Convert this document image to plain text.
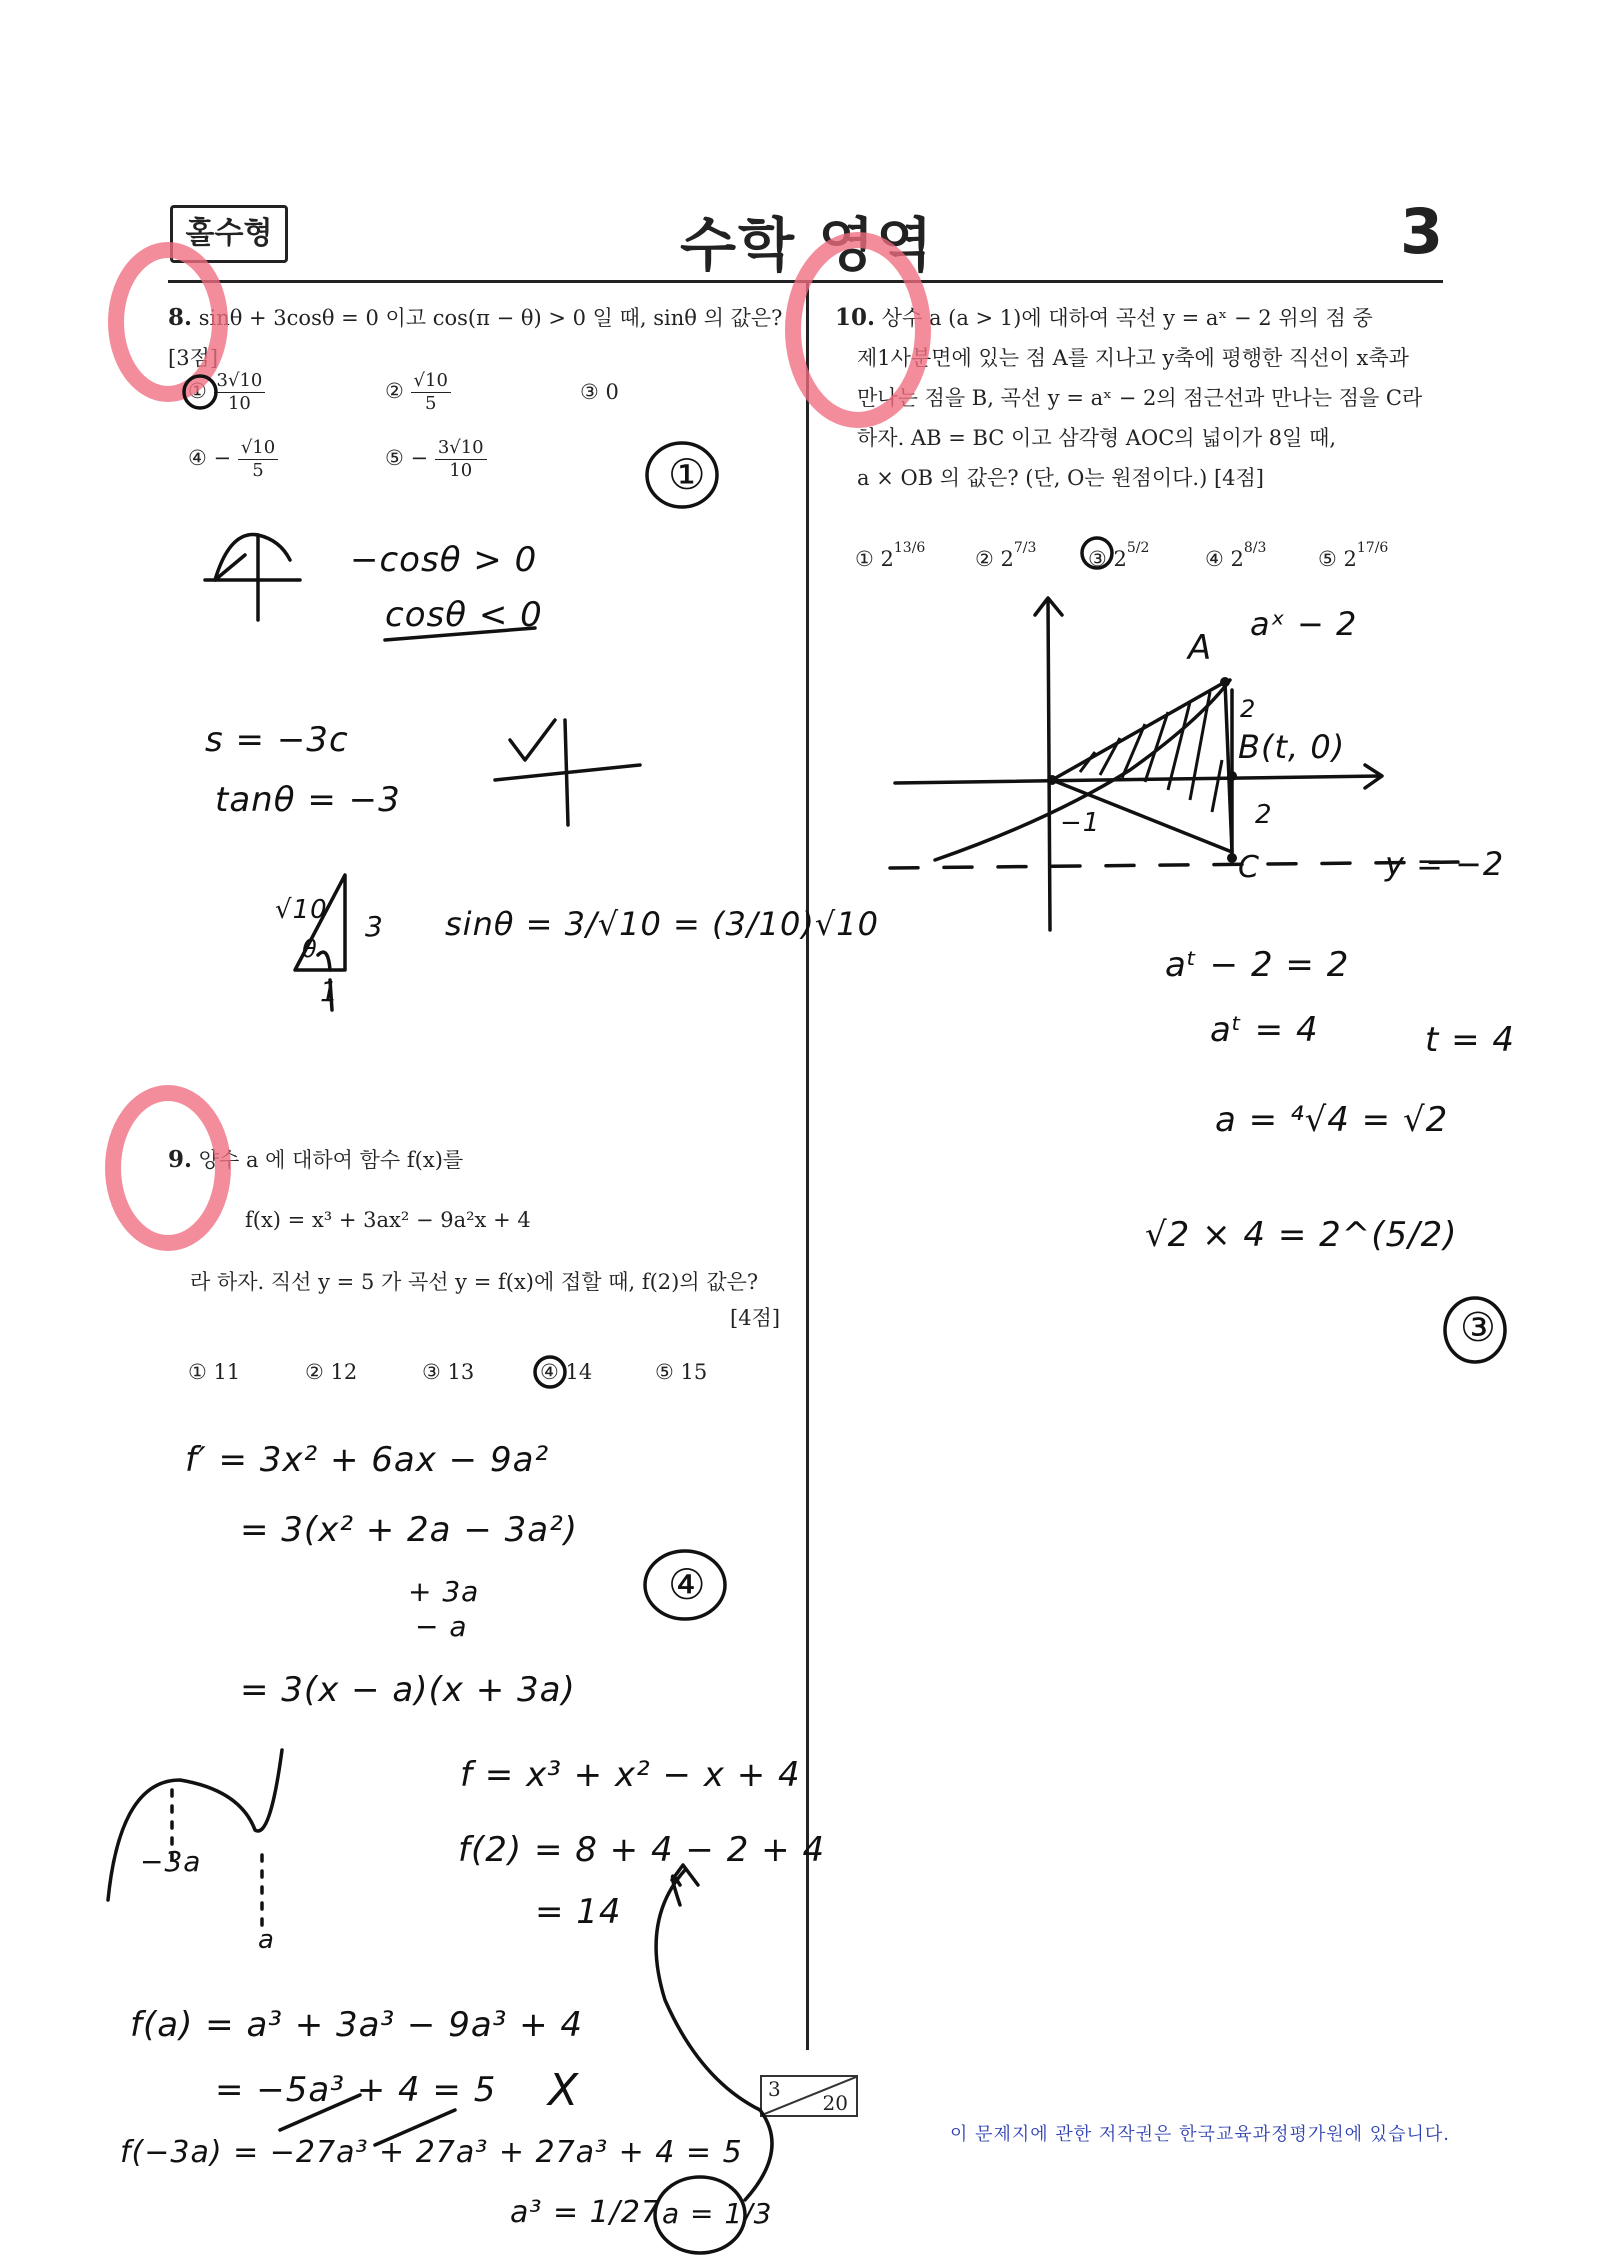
홀수형	수학 영역	3
8. sinθ + 3cosθ = 0 이고 cos(π − θ) > 0 일 때, sinθ 의 값은? [3점]
① $\frac{3√10}{10}$	② $\frac{√10}{5}$	③ 0
④ − $\frac{√10}{5}$	⑤ − $\frac{3√10}{10}$
9. 양수 a 에 대하여 함수 f(x)를
f(x) = x³ + 3ax² − 9a²x + 4
라 하자. 직선 y = 5 가 곡선 y = f(x)에 접할 때, f(2)의 값은?
[4점]
① 11	② 12	③ 13	④ 14	⑤ 15
10. 상수 a (a > 1)에 대하여 곡선 y = aˣ − 2 위의 점 중
제1사분면에 있는 점 A를 지나고 y축에 평행한 직선이 x축과
만나는 점을 B, 곡선 y = aˣ − 2의 점근선과 만나는 점을 C라
하자. AB = BC 이고 삼각형 AOC의 넓이가 8일 때,
a × OB 의 값은? (단, O는 원점이다.) [4점]
① $2^{13/6}$ ② $2^{7/3}$ ③ $2^{5/2}$	④ $2^{8/3}$ ⑤ $2^{17/6}$
3
20
이 문제지에 관한 저작권은 한국교육과정평가원에 있습니다.
①
−cosθ > 0
cosθ < 0
s = −3c
tanθ = −3
√10
θ
3
1
sinθ = 3/√10 = (3/10)√10
aˣ − 2
A
B(t, 0)
C
2
2
−1
y = −2
aᵗ − 2 = 2
aᵗ = 4	t = 4
a = ⁴√4 = √2
√2 × 4 = 2^(5/2)
③
f′ = 3x² + 6ax − 9a²
= 3(x² + 2a − 3a²)
+ 3a
− a
④
= 3(x − a)(x + 3a)
−3a
a
f = x³ + x² − x + 4
f(2) = 8 + 4 − 2 + 4
= 14
f(a) = a³ + 3a³ − 9a³ + 4
= −5a³ + 4 = 5 X
f(−3a) = −27a³ + 27a³ + 27a³ + 4 = 5
a³ = 1/27 a = 1/3
